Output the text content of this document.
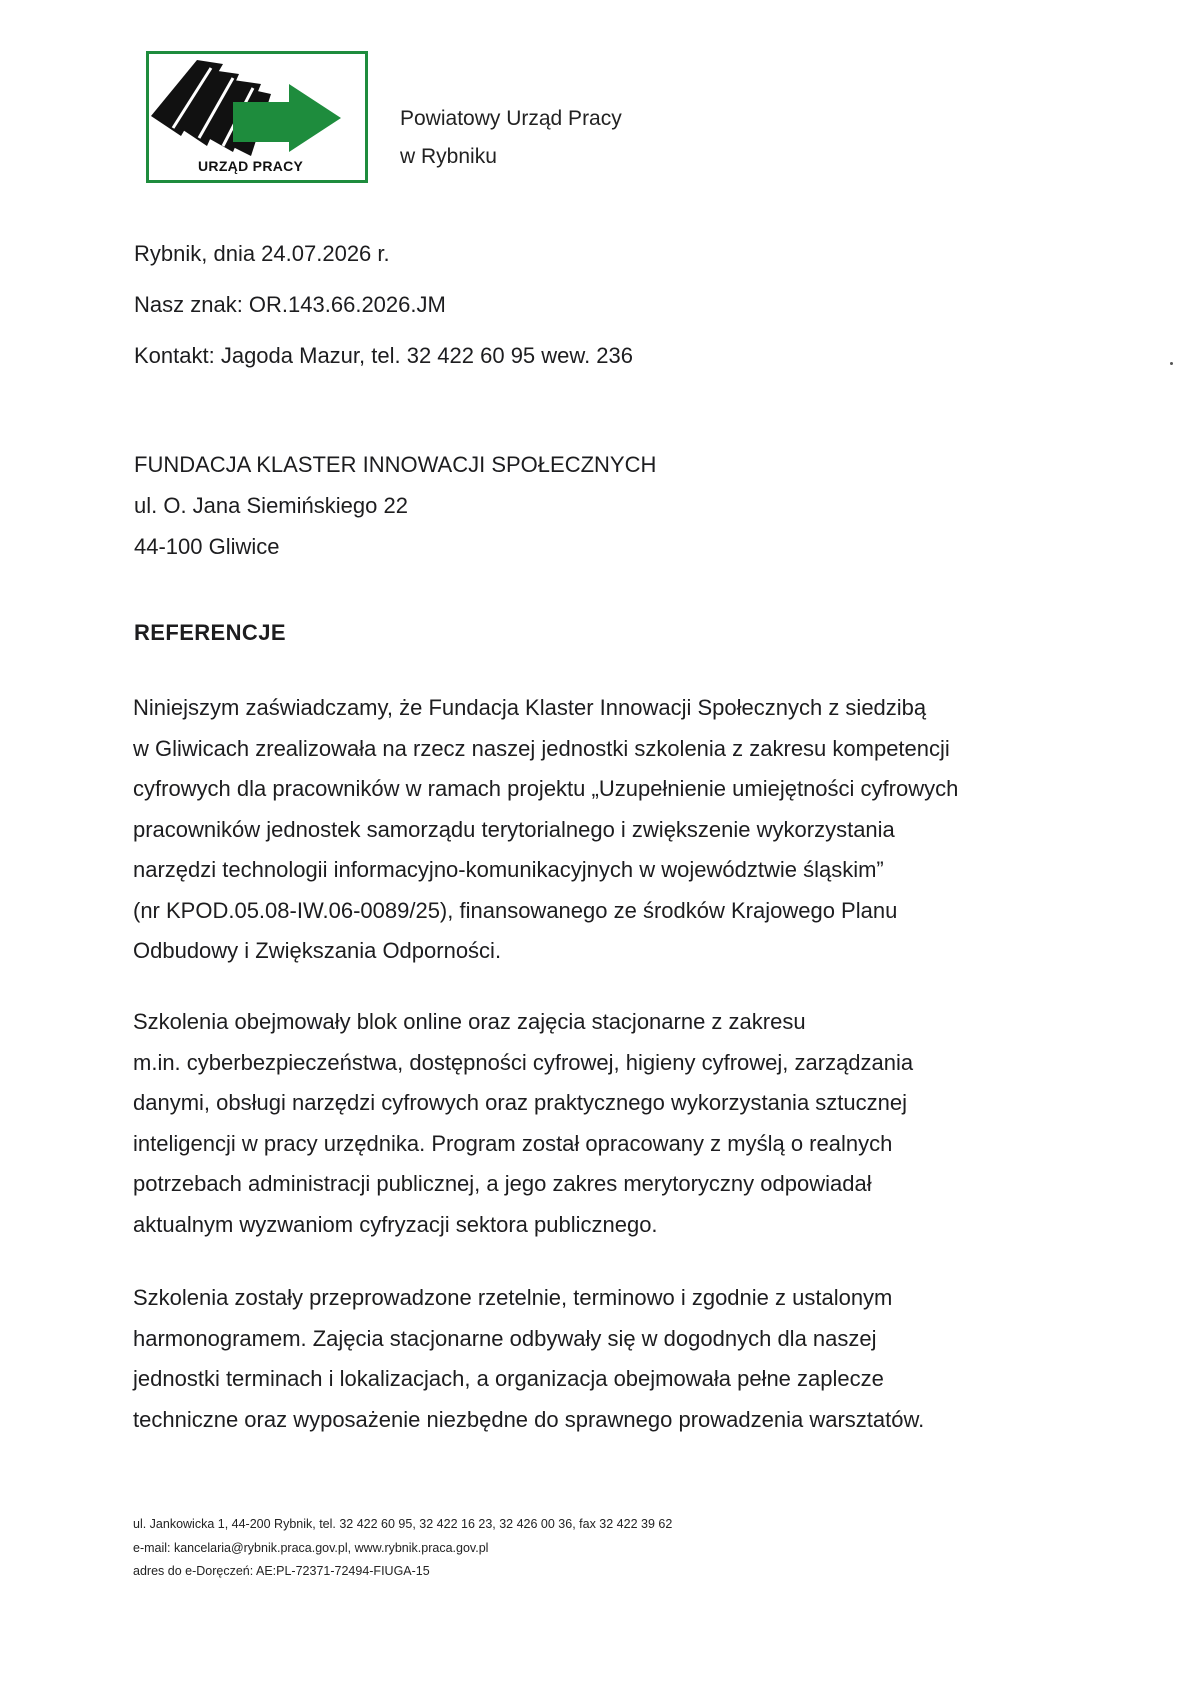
URZĄD PRACY
Powiatowy Urząd Pracy
w Rybniku
Rybnik, dnia 24.07.2026 r.
Nasz znak: OR.143.66.2026.JM
Kontakt: Jagoda Mazur, tel. 32 422 60 95 wew. 236
FUNDACJA KLASTER INNOWACJI SPOŁECZNYCH
ul. O. Jana Siemińskiego 22
44-100 Gliwice
REFERENCJE
Niniejszym zaświadczamy, że Fundacja Klaster Innowacji Społecznych z siedzibą
w Gliwicach zrealizowała na rzecz naszej jednostki szkolenia z zakresu kompetencji
cyfrowych dla pracowników w ramach projektu „Uzupełnienie umiejętności cyfrowych
pracowników jednostek samorządu terytorialnego i zwiększenie wykorzystania
narzędzi technologii informacyjno-komunikacyjnych w województwie śląskim”
(nr KPOD.05.08-IW.06-0089/25), finansowanego ze środków Krajowego Planu
Odbudowy i Zwiększania Odporności.
Szkolenia obejmowały blok online oraz zajęcia stacjonarne z zakresu
m.in. cyberbezpieczeństwa, dostępności cyfrowej, higieny cyfrowej, zarządzania
danymi, obsługi narzędzi cyfrowych oraz praktycznego wykorzystania sztucznej
inteligencji w pracy urzędnika. Program został opracowany z myślą o realnych
potrzebach administracji publicznej, a jego zakres merytoryczny odpowiadał
aktualnym wyzwaniom cyfryzacji sektora publicznego.
Szkolenia zostały przeprowadzone rzetelnie, terminowo i zgodnie z ustalonym
harmonogramem. Zajęcia stacjonarne odbywały się w dogodnych dla naszej
jednostki terminach i lokalizacjach, a organizacja obejmowała pełne zaplecze
techniczne oraz wyposażenie niezbędne do sprawnego prowadzenia warsztatów.
ul. Jankowicka 1, 44-200 Rybnik, tel. 32 422 60 95, 32 422 16 23, 32 426 00 36, fax 32 422 39 62
e-mail: kancelaria@rybnik.praca.gov.pl, www.rybnik.praca.gov.pl
adres do e-Doręczeń: AE:PL-72371-72494-FIUGA-15
